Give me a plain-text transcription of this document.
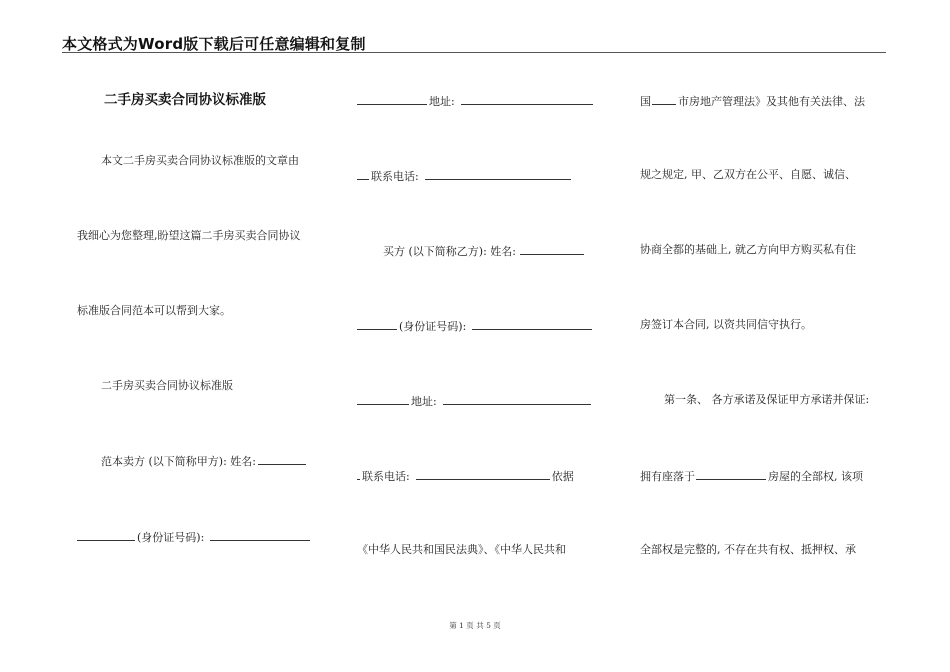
本文格式为Word版下载后可任意编辑和复制
二手房买卖合同协议标准版
本文二手房买卖合同协议标准版的文章由
我细心为您整理,盼望这篇二手房买卖合同协议
标准版合同范本可以帮到大家。
二手房买卖合同协议标准版
范本卖方 (以下简称甲方): 姓名:
(身份证号码):
地址:
联系电话:
买方 (以下简称乙方): 姓名:
(身份证号码):
地址:
联系电话:	依据
《中华人民共和国民法典》、《中华人民共和
国 市房地产管理法》及其他有关法律、法
规之规定, 甲、乙双方在公平、自愿、诚信、
协商全都的基础上, 就乙方向甲方购买私有住
房签订本合同, 以资共同信守执行。
第一条、 各方承诺及保证甲方承诺并保证:
拥有座落于	房屋的全部权, 该项
全部权是完整的, 不存在共有权、抵押权、承
第 1 页 共 5 页
